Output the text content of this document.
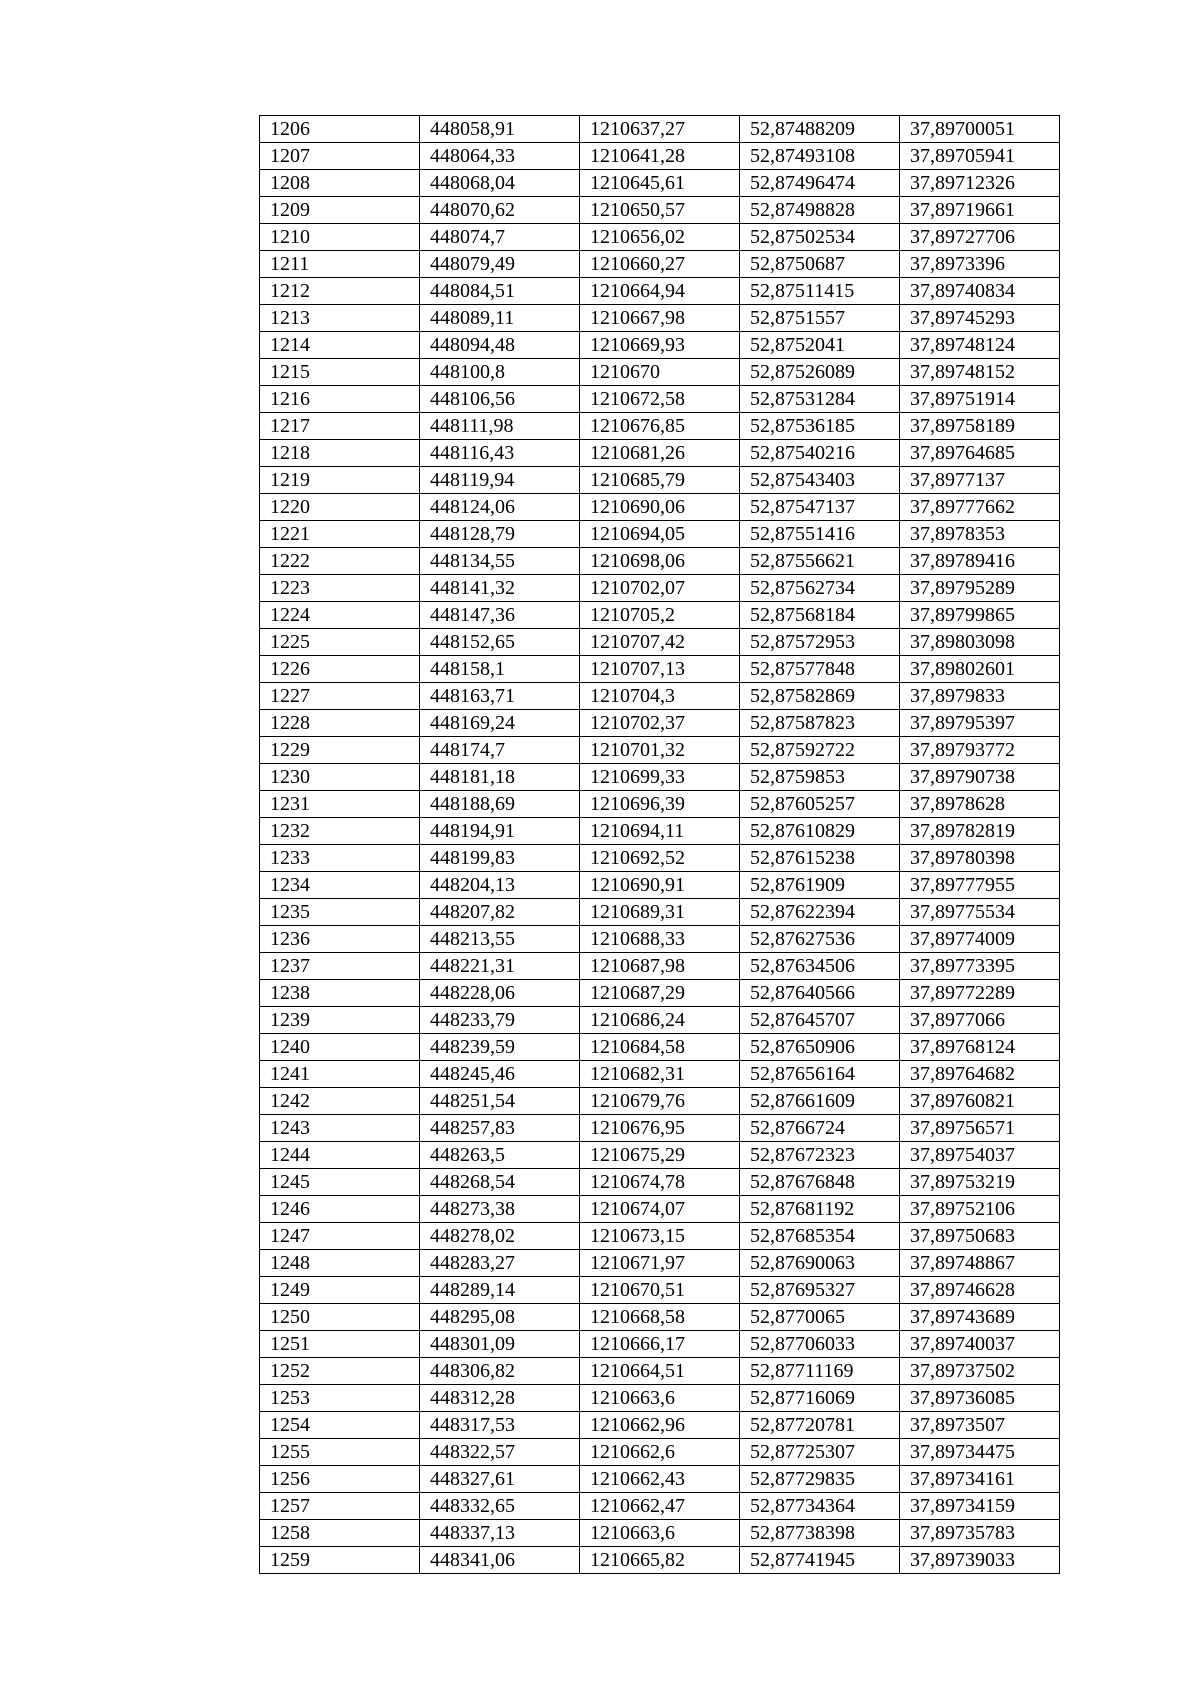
1206	448058,91	1210637,27	52,87488209	37,89700051
1207	448064,33	1210641,28	52,87493108	37,89705941
1208	448068,04	1210645,61	52,87496474	37,89712326
1209	448070,62	1210650,57	52,87498828	37,89719661
1210	448074,7	1210656,02	52,87502534	37,89727706
1211	448079,49	1210660,27	52,8750687	37,8973396
1212	448084,51	1210664,94	52,87511415	37,89740834
1213	448089,11	1210667,98	52,8751557	37,89745293
1214	448094,48	1210669,93	52,8752041	37,89748124
1215	448100,8	1210670	52,87526089	37,89748152
1216	448106,56	1210672,58	52,87531284	37,89751914
1217	448111,98	1210676,85	52,87536185	37,89758189
1218	448116,43	1210681,26	52,87540216	37,89764685
1219	448119,94	1210685,79	52,87543403	37,8977137
1220	448124,06	1210690,06	52,87547137	37,89777662
1221	448128,79	1210694,05	52,87551416	37,8978353
1222	448134,55	1210698,06	52,87556621	37,89789416
1223	448141,32	1210702,07	52,87562734	37,89795289
1224	448147,36	1210705,2	52,87568184	37,89799865
1225	448152,65	1210707,42	52,87572953	37,89803098
1226	448158,1	1210707,13	52,87577848	37,89802601
1227	448163,71	1210704,3	52,87582869	37,8979833
1228	448169,24	1210702,37	52,87587823	37,89795397
1229	448174,7	1210701,32	52,87592722	37,89793772
1230	448181,18	1210699,33	52,8759853	37,89790738
1231	448188,69	1210696,39	52,87605257	37,8978628
1232	448194,91	1210694,11	52,87610829	37,89782819
1233	448199,83	1210692,52	52,87615238	37,89780398
1234	448204,13	1210690,91	52,8761909	37,89777955
1235	448207,82	1210689,31	52,87622394	37,89775534
1236	448213,55	1210688,33	52,87627536	37,89774009
1237	448221,31	1210687,98	52,87634506	37,89773395
1238	448228,06	1210687,29	52,87640566	37,89772289
1239	448233,79	1210686,24	52,87645707	37,8977066
1240	448239,59	1210684,58	52,87650906	37,89768124
1241	448245,46	1210682,31	52,87656164	37,89764682
1242	448251,54	1210679,76	52,87661609	37,89760821
1243	448257,83	1210676,95	52,8766724	37,89756571
1244	448263,5	1210675,29	52,87672323	37,89754037
1245	448268,54	1210674,78	52,87676848	37,89753219
1246	448273,38	1210674,07	52,87681192	37,89752106
1247	448278,02	1210673,15	52,87685354	37,89750683
1248	448283,27	1210671,97	52,87690063	37,89748867
1249	448289,14	1210670,51	52,87695327	37,89746628
1250	448295,08	1210668,58	52,8770065	37,89743689
1251	448301,09	1210666,17	52,87706033	37,89740037
1252	448306,82	1210664,51	52,87711169	37,89737502
1253	448312,28	1210663,6	52,87716069	37,89736085
1254	448317,53	1210662,96	52,87720781	37,8973507
1255	448322,57	1210662,6	52,87725307	37,89734475
1256	448327,61	1210662,43	52,87729835	37,89734161
1257	448332,65	1210662,47	52,87734364	37,89734159
1258	448337,13	1210663,6	52,87738398	37,89735783
1259	448341,06	1210665,82	52,87741945	37,89739033
